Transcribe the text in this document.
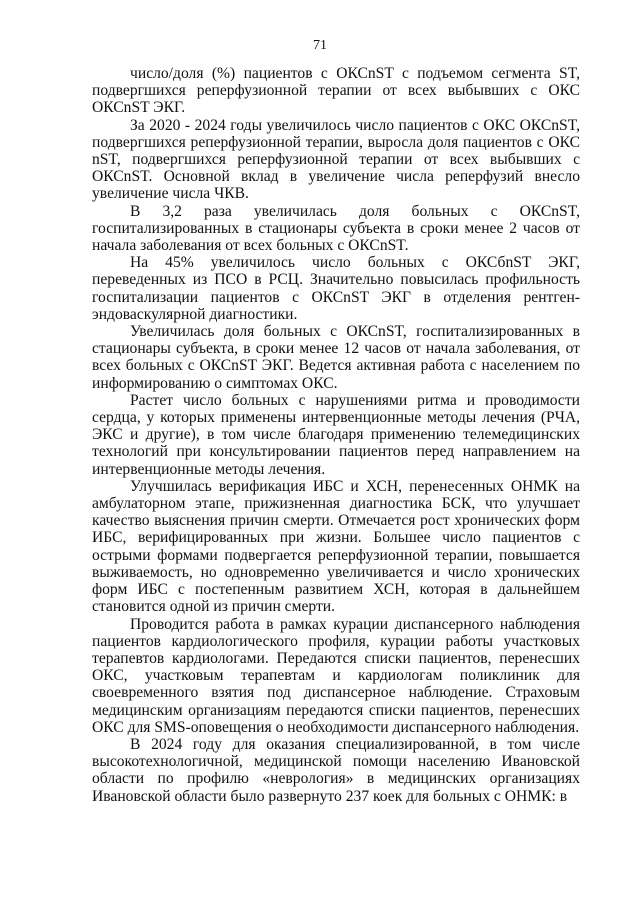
71

число/доля (%) пациентов с ОКСnST с подъемом сегмента ST, подвергшихся реперфузионной терапии от всех выбывших с ОКС ОКСnST ЭКГ.

За 2020 - 2024 годы увеличилось число пациентов с ОКС ОКСnST, подвергшихся реперфузионной терапии, выросла доля пациентов с ОКС nST, подвергшихся реперфузионной терапии от всех выбывших с ОКСnST. Основной вклад в увеличение числа реперфузий внесло увеличение числа ЧКВ.

В 3,2 раза увеличилась доля больных с ОКСnST, госпитализированных в стационары субъекта в сроки менее 2 часов от начала заболевания от всех больных с ОКСnST.

На 45% увеличилось число больных с ОКСбnST ЭКГ, переведенных из ПСО в РСЦ. Значительно повысилась профильность госпитализации пациентов с ОКСnST ЭКГ в отделения рентген-эндоваскулярной диагностики.

Увеличилась доля больных с ОКСnST, госпитализированных в стационары субъекта, в сроки менее 12 часов от начала заболевания, от всех больных с ОКСnST ЭКГ. Ведется активная работа с населением по информированию о симптомах ОКС.

Растет число больных с нарушениями ритма и проводимости сердца, у которых применены интервенционные методы лечения (РЧА, ЭКС и другие), в том числе благодаря применению телемедицинских технологий при консультировании пациентов перед направлением на интервенционные методы лечения.

Улучшилась верификация ИБС и ХСН, перенесенных ОНМК на амбулаторном этапе, прижизненная диагностика БСК, что улучшает качество выяснения причин смерти. Отмечается рост хронических форм ИБС, верифицированных при жизни. Большее число пациентов с острыми формами подвергается реперфузионной терапии, повышается выживаемость, но одновременно увеличивается и число хронических форм ИБС с постепенным развитием ХСН, которая в дальнейшем становится одной из причин смерти.

Проводится работа в рамках курации диспансерного наблюдения пациентов кардиологического профиля, курации работы участковых терапевтов кардиологами. Передаются списки пациентов, перенесших ОКС, участковым терапевтам и кардиологам поликлиник для своевременного взятия под диспансерное наблюдение. Страховым медицинским организациям передаются списки пациентов, перенесших ОКС для SMS-оповещения о необходимости диспансерного наблюдения.

В 2024 году для оказания специализированной, в том числе высокотехнологичной, медицинской помощи населению Ивановской области по профилю «неврология» в медицинских организациях Ивановской области было развернуто 237 коек для больных с ОНМК: в
